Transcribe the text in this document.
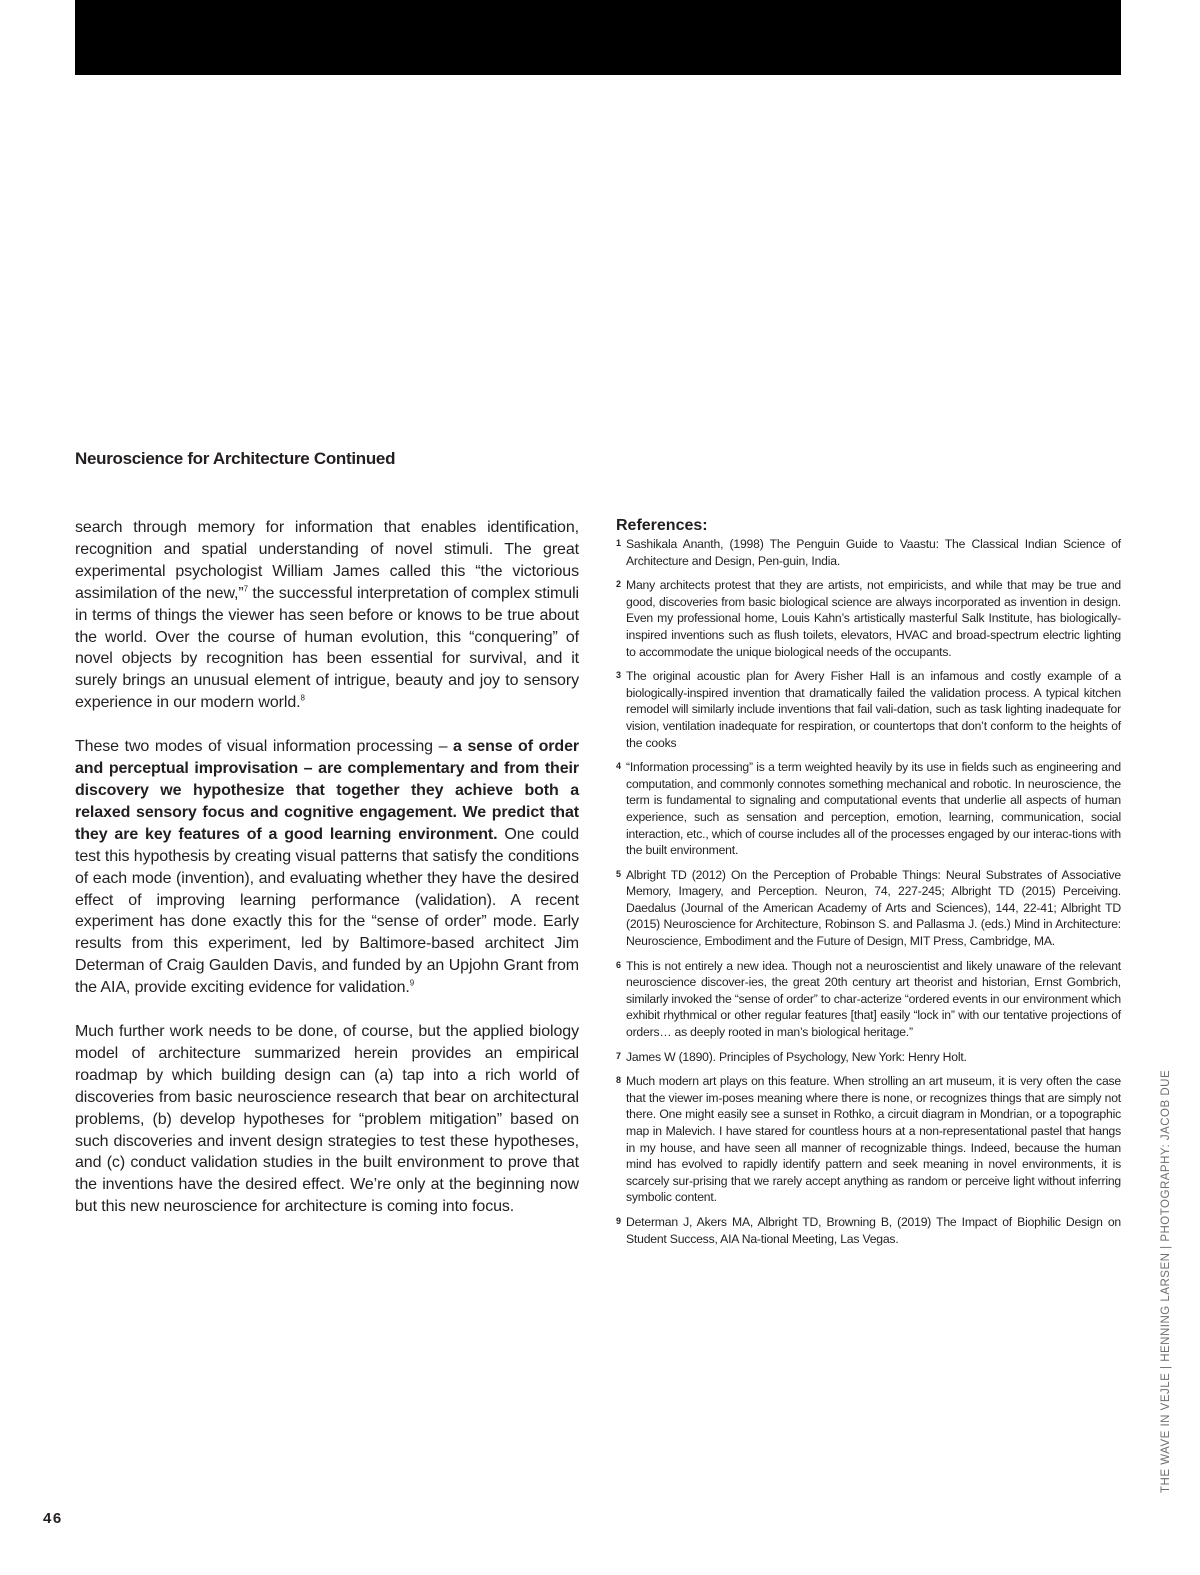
Neuroscience for Architecture Continued

search through memory for information that enables identification, recognition and spatial understanding of novel stimuli. The great experimental psychologist William James called this “the victorious assimilation of the new,”$^7$ the successful interpretation of complex stimuli in terms of things the viewer has seen before or knows to be true about the world. Over the course of human evolution, this “conquering” of novel objects by recognition has been essential for survival, and it surely brings an unusual element of intrigue, beauty and joy to sensory experience in our modern world.$^8$

These two modes of visual information processing – a sense of order and perceptual improvisation – are complementary and from their discovery we hypothesize that together they achieve both a relaxed sensory focus and cognitive engagement. We predict that they are key features of a good learning environment. One could test this hypothesis by creating visual patterns that satisfy the conditions of each mode (invention), and evaluating whether they have the desired effect of improving learning performance (validation). A recent experiment has done exactly this for the “sense of order” mode. Early results from this experiment, led by Baltimore-based architect Jim Determan of Craig Gaulden Davis, and funded by an Upjohn Grant from the AIA, provide exciting evidence for validation.$^9$

Much further work needs to be done, of course, but the applied biology model of architecture summarized herein provides an empirical roadmap by which building design can (a) tap into a rich world of discoveries from basic neuroscience research that bear on architectural problems, (b) develop hypotheses for “problem mitigation” based on such discoveries and invent design strategies to test these hypotheses, and (c) conduct validation studies in the built environment to prove that the inventions have the desired effect. We’re only at the beginning now but this new neuroscience for architecture is coming into focus.

References:
1 Sashikala Ananth, (1998) The Penguin Guide to Vaastu: The Classical Indian Science of Architecture and Design, Pen-guin, India.
2 Many architects protest that they are artists, not empiricists, and while that may be true and good, discoveries from basic biological science are always incorporated as invention in design. Even my professional home, Louis Kahn’s artistically masterful Salk Institute, has biologically-inspired inventions such as flush toilets, elevators, HVAC and broad-spectrum electric lighting to accommodate the unique biological needs of the occupants.
3 The original acoustic plan for Avery Fisher Hall is an infamous and costly example of a biologically-inspired invention that dramatically failed the validation process. A typical kitchen remodel will similarly include inventions that fail vali-dation, such as task lighting inadequate for vision, ventilation inadequate for respiration, or countertops that don’t conform to the heights of the cooks
4 “Information processing” is a term weighted heavily by its use in fields such as engineering and computation, and commonly connotes something mechanical and robotic. In neuroscience, the term is fundamental to signaling and computational events that underlie all aspects of human experience, such as sensation and perception, emotion, learning, communication, social interaction, etc., which of course includes all of the processes engaged by our interac-tions with the built environment.
5 Albright TD (2012) On the Perception of Probable Things: Neural Substrates of Associative Memory, Imagery, and Perception. Neuron, 74, 227-245; Albright TD (2015) Perceiving. Daedalus (Journal of the American Academy of Arts and Sciences), 144, 22-41; Albright TD (2015) Neuroscience for Architecture, Robinson S. and Pallasma J. (eds.) Mind in Architecture: Neuroscience, Embodiment and the Future of Design, MIT Press, Cambridge, MA.
6 This is not entirely a new idea. Though not a neuroscientist and likely unaware of the relevant neuroscience discover-ies, the great 20th century art theorist and historian, Ernst Gombrich, similarly invoked the “sense of order” to char-acterize “ordered events in our environment which exhibit rhythmical or other regular features [that] easily “lock in” with our tentative projections of orders… as deeply rooted in man’s biological heritage.”
7 James W (1890). Principles of Psychology, New York: Henry Holt.
8 Much modern art plays on this feature. When strolling an art museum, it is very often the case that the viewer im-poses meaning where there is none, or recognizes things that are simply not there. One might easily see a sunset in Rothko, a circuit diagram in Mondrian, or a topographic map in Malevich. I have stared for countless hours at a non-representational pastel that hangs in my house, and have seen all manner of recognizable things. Indeed, because the human mind has evolved to rapidly identify pattern and seek meaning in novel environments, it is scarcely sur-prising that we rarely accept anything as random or perceive light without inferring symbolic content.
9 Determan J, Akers MA, Albright TD, Browning B, (2019) The Impact of Biophilic Design on Student Success, AIA Na-tional Meeting, Las Vegas.	THE WAVE IN VEJLE | HENNING LARSEN | PHOTOGRAPHY: JACOB DUE
46
